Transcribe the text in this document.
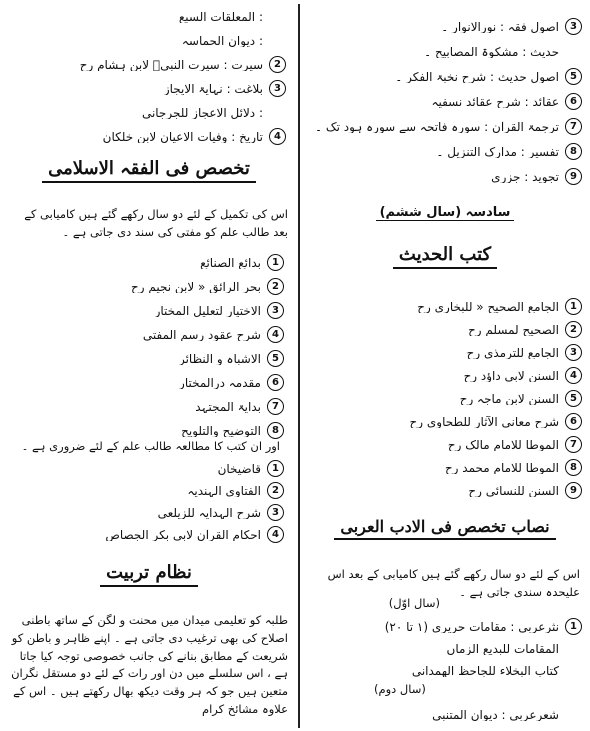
3
اصول فقہ : نورالانوار ۔
حدیث : مشکوۃ المصابیح ۔
5
اصول حدیث : شرح نخبۃ الفکر ۔
6
عقائد : شرح عقائد نسفیہ
7
ترجمۃ القرآن : سورہ فاتحہ سے سورہ ہود تک ۔
8
تفسیر : مدارک التنزیل ۔
9
تجوید : جزری
سادسہ (سال ششم)
کتب الحدیث
1
الجامع الصحیح « للبخاری رح
2
الصحیح لمسلم رح
3
الجامع للترمذی رح
4
السنن لابی داؤد رح
5
السنن لابن ماجہ رح
6
شرح معانی الآثار للطحاوی رح
7
الموطا للامام مالک رح
8
الموطا للامام محمد رح
9
السنن للنسائی رح
نصاب تخصص فی الادب العربی

اس کے لئے دو سال رکھے گئے ہیں کامیابی کے بعد اس علیحدہ سندی جاتی ہے ۔

(سال اوّل)
1
نثرعربی : مقامات حریری (۱ تا ۲۰)
المقامات للبدیع الزماں
کتاب البخلاء للجاحظ الھمدانی
(سال دوم)
شعرعربی : دیوان المتنبی
: المعلقات السبع
: دیوان الحماسہ
2
سیرت : سیرت النبیؐ لابن ہشام رح
3
بلاغت : نہایۃ الایجاز
: دلائل الاعجاز للجرجانی
4
تاریخ : وفیات الاعیان لابن خلکان
تخصص فی الفقہ الاسلامی

اس کی تکمیل کے لئے دو سال رکھے گئے ہیں کامیابی کے بعد طالب علم کو مفتی کی سند دی جاتی ہے ۔

1
بدائع الصنائع
2
بحر الرائق « لابن نجیم رح
3
الاختیار لتعلیل المختار
4
شرح عقود رسم المفتی
5
الاشباہ و النظائر
6
مقدمہ درالمختار
7
بدایۃ المجتہد
8
التوضیح والتلویح

اور ان کتب کا مطالعہ طالب علم کے لئے ضروری ہے ۔

1
قاضیخان
2
الفتاوی الہندیہ
3
شرح الہدایہ للزیلعی
4
احکام القرآن لابی بکر الجصاص
نظام تربیت

طلبہ کو تعلیمی میدان میں محنت و لگن کے ساتھ باطنی اصلاح کی بھی ترغیب دی جاتی ہے ۔ اپنے ظاہر و باطن کو شریعت کے مطابق بنانے کی جانب خصوصی توجہ کیا جاتا ہے ، اس سلسلے میں دن اور رات کے لئے دو مستقل نگران متعین ہیں جو کہ ہر وقت دیکھ بھال رکھتے ہیں ۔ اس کے علاوہ مشائخ کرام
